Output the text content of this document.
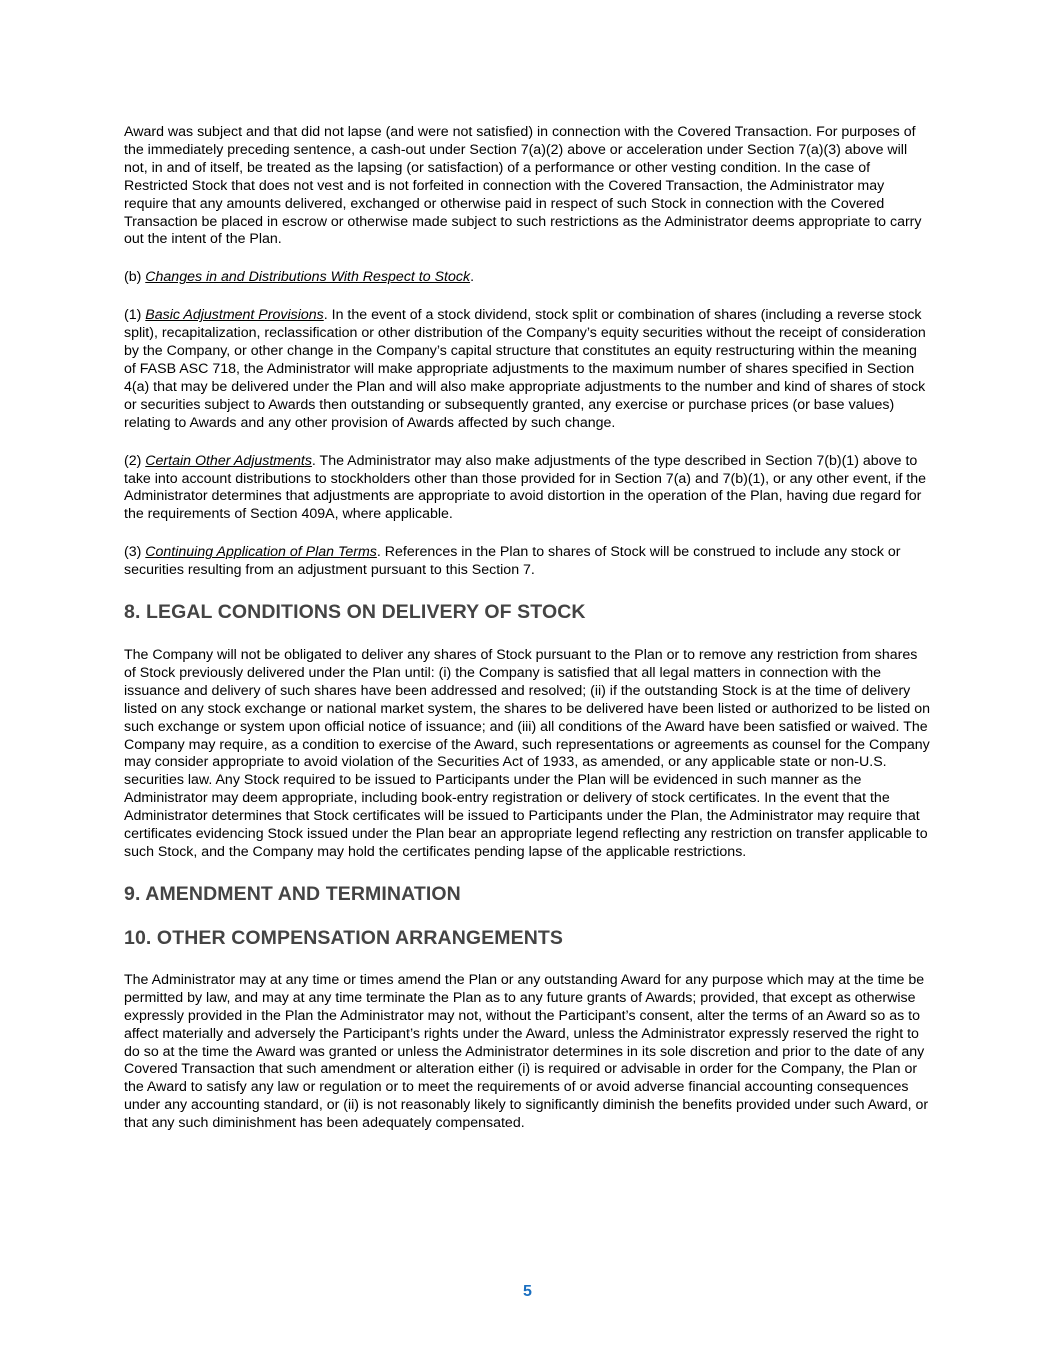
Award was subject and that did not lapse (and were not satisfied) in connection with the Covered Transaction. For purposes of the immediately preceding sentence, a cash-out under Section 7(a)(2) above or acceleration under Section 7(a)(3) above will not, in and of itself, be treated as the lapsing (or satisfaction) of a performance or other vesting condition. In the case of Restricted Stock that does not vest and is not forfeited in connection with the Covered Transaction, the Administrator may require that any amounts delivered, exchanged or otherwise paid in respect of such Stock in connection with the Covered Transaction be placed in escrow or otherwise made subject to such restrictions as the Administrator deems appropriate to carry out the intent of the Plan.

(b) Changes in and Distributions With Respect to Stock.

(1) Basic Adjustment Provisions. In the event of a stock dividend, stock split or combination of shares (including a reverse stock split), recapitalization, reclassification or other distribution of the Company’s equity securities without the receipt of consideration by the Company, or other change in the Company’s capital structure that constitutes an equity restructuring within the meaning of FASB ASC 718, the Administrator will make appropriate adjustments to the maximum number of shares specified in Section 4(a) that may be delivered under the Plan and will also make appropriate adjustments to the number and kind of shares of stock or securities subject to Awards then outstanding or subsequently granted, any exercise or purchase prices (or base values) relating to Awards and any other provision of Awards affected by such change.

(2) Certain Other Adjustments. The Administrator may also make adjustments of the type described in Section 7(b)(1) above to take into account distributions to stockholders other than those provided for in Section 7(a) and 7(b)(1), or any other event, if the Administrator determines that adjustments are appropriate to avoid distortion in the operation of the Plan, having due regard for the requirements of Section 409A, where applicable.

(3) Continuing Application of Plan Terms. References in the Plan to shares of Stock will be construed to include any stock or securities resulting from an adjustment pursuant to this Section 7.

8. LEGAL CONDITIONS ON DELIVERY OF STOCK

The Company will not be obligated to deliver any shares of Stock pursuant to the Plan or to remove any restriction from shares of Stock previously delivered under the Plan until: (i) the Company is satisfied that all legal matters in connection with the issuance and delivery of such shares have been addressed and resolved; (ii) if the outstanding Stock is at the time of delivery listed on any stock exchange or national market system, the shares to be delivered have been listed or authorized to be listed on such exchange or system upon official notice of issuance; and (iii) all conditions of the Award have been satisfied or waived. The Company may require, as a condition to exercise of the Award, such representations or agreements as counsel for the Company may consider appropriate to avoid violation of the Securities Act of 1933, as amended, or any applicable state or non-U.S. securities law. Any Stock required to be issued to Participants under the Plan will be evidenced in such manner as the Administrator may deem appropriate, including book-entry registration or delivery of stock certificates. In the event that the Administrator determines that Stock certificates will be issued to Participants under the Plan, the Administrator may require that certificates evidencing Stock issued under the Plan bear an appropriate legend reflecting any restriction on transfer applicable to such Stock, and the Company may hold the certificates pending lapse of the applicable restrictions.

9. AMENDMENT AND TERMINATION
10. OTHER COMPENSATION ARRANGEMENTS

The Administrator may at any time or times amend the Plan or any outstanding Award for any purpose which may at the time be permitted by law, and may at any time terminate the Plan as to any future grants of Awards; provided, that except as otherwise expressly provided in the Plan the Administrator may not, without the Participant’s consent, alter the terms of an Award so as to affect materially and adversely the Participant’s rights under the Award, unless the Administrator expressly reserved the right to do so at the time the Award was granted or unless the Administrator determines in its sole discretion and prior to the date of any Covered Transaction that such amendment or alteration either (i) is required or advisable in order for the Company, the Plan or the Award to satisfy any law or regulation or to meet the requirements of or avoid adverse financial accounting consequences under any accounting standard, or (ii) is not reasonably likely to significantly diminish the benefits provided under such Award, or that any such diminishment has been adequately compensated.

5
